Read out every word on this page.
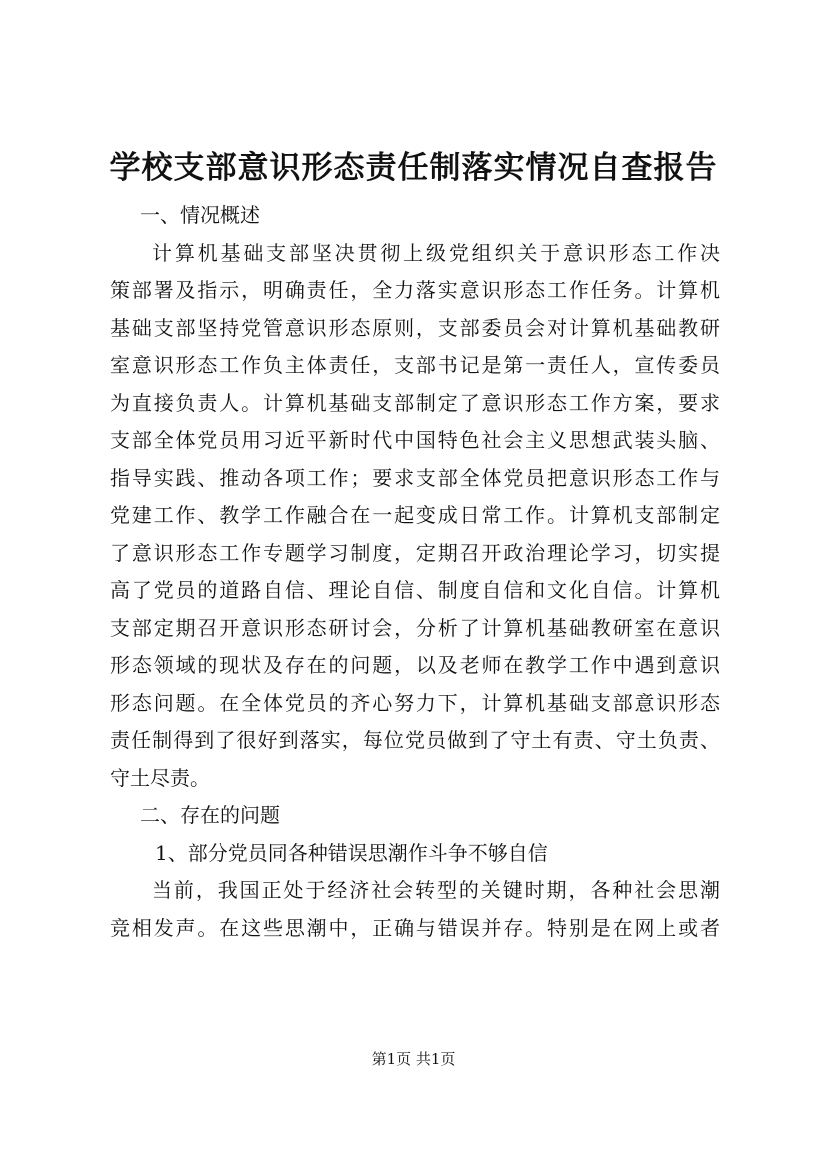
学校支部意识形态责任制落实情况自查报告
一、情况概述
计算机基础支部坚决贯彻上级党组织关于意识形态工作决
策部署及指示，明确责任，全力落实意识形态工作任务。计算机
基础支部坚持党管意识形态原则，支部委员会对计算机基础教研
室意识形态工作负主体责任，支部书记是第一责任人，宣传委员
为直接负责人。计算机基础支部制定了意识形态工作方案，要求
支部全体党员用习近平新时代中国特色社会主义思想武装头脑、
指导实践、推动各项工作；要求支部全体党员把意识形态工作与
党建工作、教学工作融合在一起变成日常工作。计算机支部制定
了意识形态工作专题学习制度，定期召开政治理论学习，切实提
高了党员的道路自信、理论自信、制度自信和文化自信。计算机
支部定期召开意识形态研讨会，分析了计算机基础教研室在意识
形态领域的现状及存在的问题，以及老师在教学工作中遇到意识
形态问题。在全体党员的齐心努力下，计算机基础支部意识形态
责任制得到了很好到落实，每位党员做到了守土有责、守土负责、
守土尽责。
二、存在的问题
1、部分党员同各种错误思潮作斗争不够自信
当前，我国正处于经济社会转型的关键时期，各种社会思潮
竞相发声。在这些思潮中，正确与错误并存。特别是在网上或者
第1页 共1页
